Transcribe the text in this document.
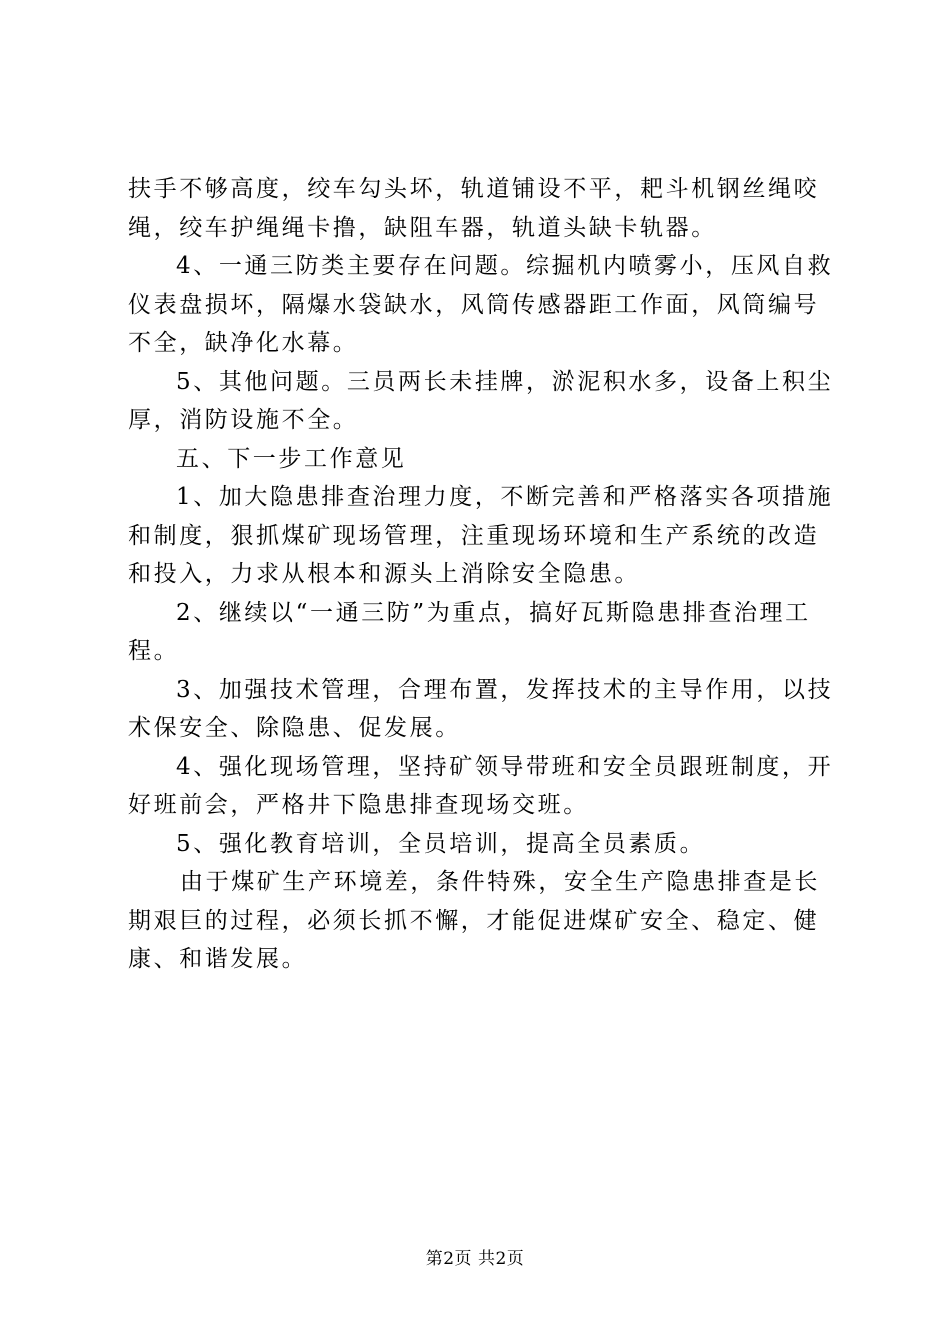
扶手不够高度，绞车勾头坏，轨道铺设不平，耙斗机钢丝绳咬
绳，绞车护绳绳卡撸，缺阻车器，轨道头缺卡轨器。
4、一通三防类主要存在问题。综掘机内喷雾小，压风自救
仪表盘损坏，隔爆水袋缺水，风筒传感器距工作面，风筒编号
不全，缺净化水幕。
5、其他问题。三员两长未挂牌，淤泥积水多，设备上积尘
厚，消防设施不全。
五、下一步工作意见
1、加大隐患排查治理力度，不断完善和严格落实各项措施
和制度，狠抓煤矿现场管理，注重现场环境和生产系统的改造
和投入，力求从根本和源头上消除安全隐患。
2、继续以“一通三防”为重点，搞好瓦斯隐患排查治理工
程。
3、加强技术管理，合理布置，发挥技术的主导作用，以技
术保安全、除隐患、促发展。
4、强化现场管理，坚持矿领导带班和安全员跟班制度，开
好班前会，严格井下隐患排查现场交班。
5、强化教育培训，全员培训，提高全员素质。
由于煤矿生产环境差，条件特殊，安全生产隐患排查是长
期艰巨的过程，必须长抓不懈，才能促进煤矿安全、稳定、健
康、和谐发展。
第2页 共2页
